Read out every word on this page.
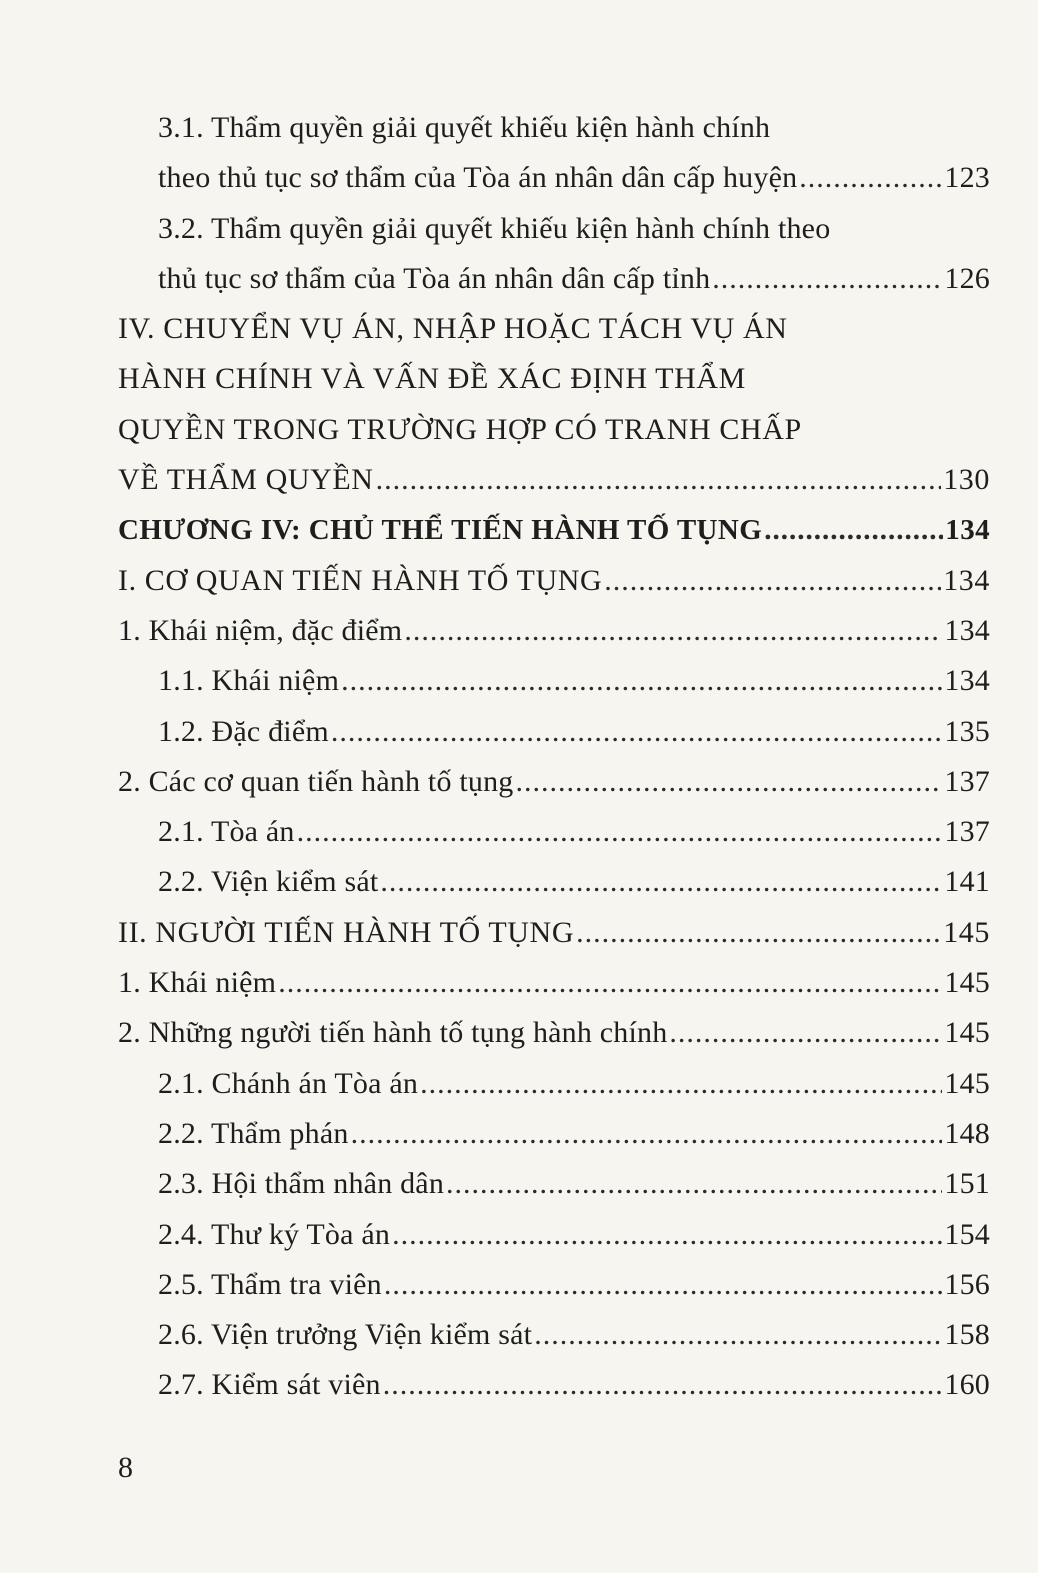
3.1. Thẩm quyền giải quyết khiếu kiện hành chính
theo thủ tục sơ thẩm của Tòa án nhân dân cấp huyện .....	123
3.2. Thẩm quyền giải quyết khiếu kiện hành chính theo
thủ tục sơ thẩm của Tòa án nhân dân cấp tỉnh .....	126
IV. CHUYỂN VỤ ÁN, NHẬP HOẶC TÁCH VỤ ÁN
HÀNH CHÍNH VÀ VẤN ĐỀ XÁC ĐỊNH THẨM
QUYỀN TRONG TRƯỜNG HỢP CÓ TRANH CHẤP
VỀ THẨM QUYỀN .....	130
CHƯƠNG IV: CHỦ THỂ TIẾN HÀNH TỐ TỤNG .....	134
I. CƠ QUAN TIẾN HÀNH TỐ TỤNG .....	134
1. Khái niệm, đặc điểm .....	134
1.1. Khái niệm .....	134
1.2. Đặc điểm .....	135
2. Các cơ quan tiến hành tố tụng .....	137
2.1. Tòa án .....	137
2.2. Viện kiểm sát .....	141
II. NGƯỜI TIẾN HÀNH TỐ TỤNG .....	145
1. Khái niệm .....	145
2. Những người tiến hành tố tụng hành chính .....	145
2.1. Chánh án Tòa án .....	145
2.2. Thẩm phán .....	148
2.3. Hội thẩm nhân dân .....	151
2.4. Thư ký Tòa án .....	154
2.5. Thẩm tra viên .....	156
2.6. Viện trưởng Viện kiểm sát .....	158
2.7. Kiểm sát viên .....	160
8
